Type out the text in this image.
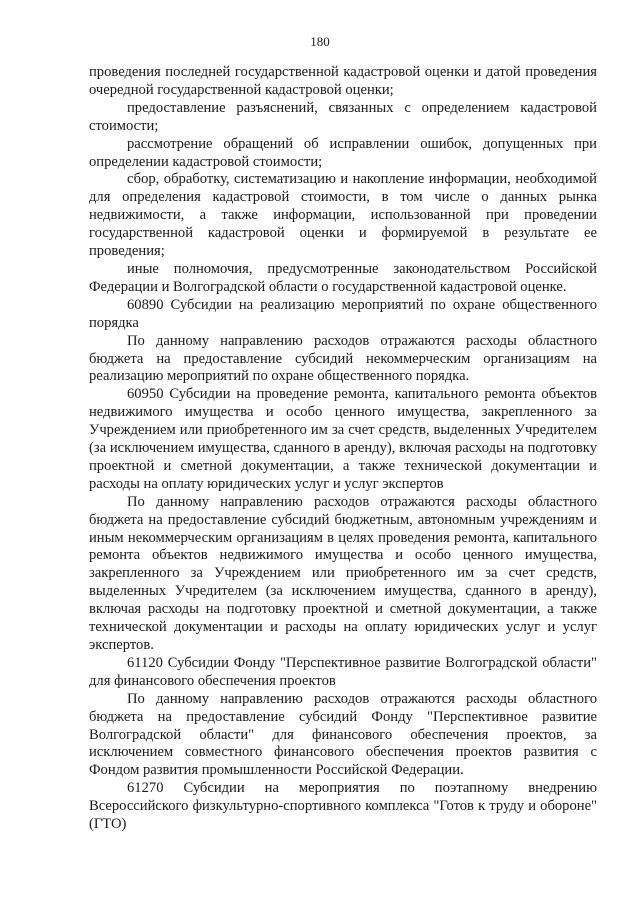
180

проведения последней государственной кадастровой оценки и датой проведения очередной государственной кадастровой оценки;

предоставление разъяснений, связанных с определением кадастровой стоимости;

рассмотрение обращений об исправлении ошибок, допущенных при определении кадастровой стоимости;

сбор, обработку, систематизацию и накопление информации, необходимой для определения кадастровой стоимости, в том числе о данных рынка недвижимости, а также информации, использованной при проведении государственной кадастровой оценки и формируемой в результате ее проведения;

иные полномочия, предусмотренные законодательством Российской Федерации и Волгоградской области о государственной кадастровой оценке.

60890 Субсидии на реализацию мероприятий по охране общественного порядка

По данному направлению расходов отражаются расходы областного бюджета на предоставление субсидий некоммерческим организациям на реализацию мероприятий по охране общественного порядка.

60950 Субсидии на проведение ремонта, капитального ремонта объектов недвижимого имущества и особо ценного имущества, закрепленного за Учреждением или приобретенного им за счет средств, выделенных Учредителем (за исключением имущества, сданного в аренду), включая расходы на подготовку проектной и сметной документации, а также технической документации и расходы на оплату юридических услуг и услуг экспертов

По данному направлению расходов отражаются расходы областного бюджета на предоставление субсидий бюджетным, автономным учреждениям и иным некоммерческим организациям в целях проведения ремонта, капитального ремонта объектов недвижимого имущества и особо ценного имущества, закрепленного за Учреждением или приобретенного им за счет средств, выделенных Учредителем (за исключением имущества, сданного в аренду), включая расходы на подготовку проектной и сметной документации, а также технической документации и расходы на оплату юридических услуг и услуг экспертов.

61120 Субсидии Фонду "Перспективное развитие Волгоградской области" для финансового обеспечения проектов

По данному направлению расходов отражаются расходы областного бюджета на предоставление субсидий Фонду "Перспективное развитие Волгоградской области" для финансового обеспечения проектов, за исключением совместного финансового обеспечения проектов развития с Фондом развития промышленности Российской Федерации.

61270 Субсидии на мероприятия по поэтапному внедрению Всероссийского физкультурно-спортивного комплекса "Готов к труду и обороне" (ГТО)
